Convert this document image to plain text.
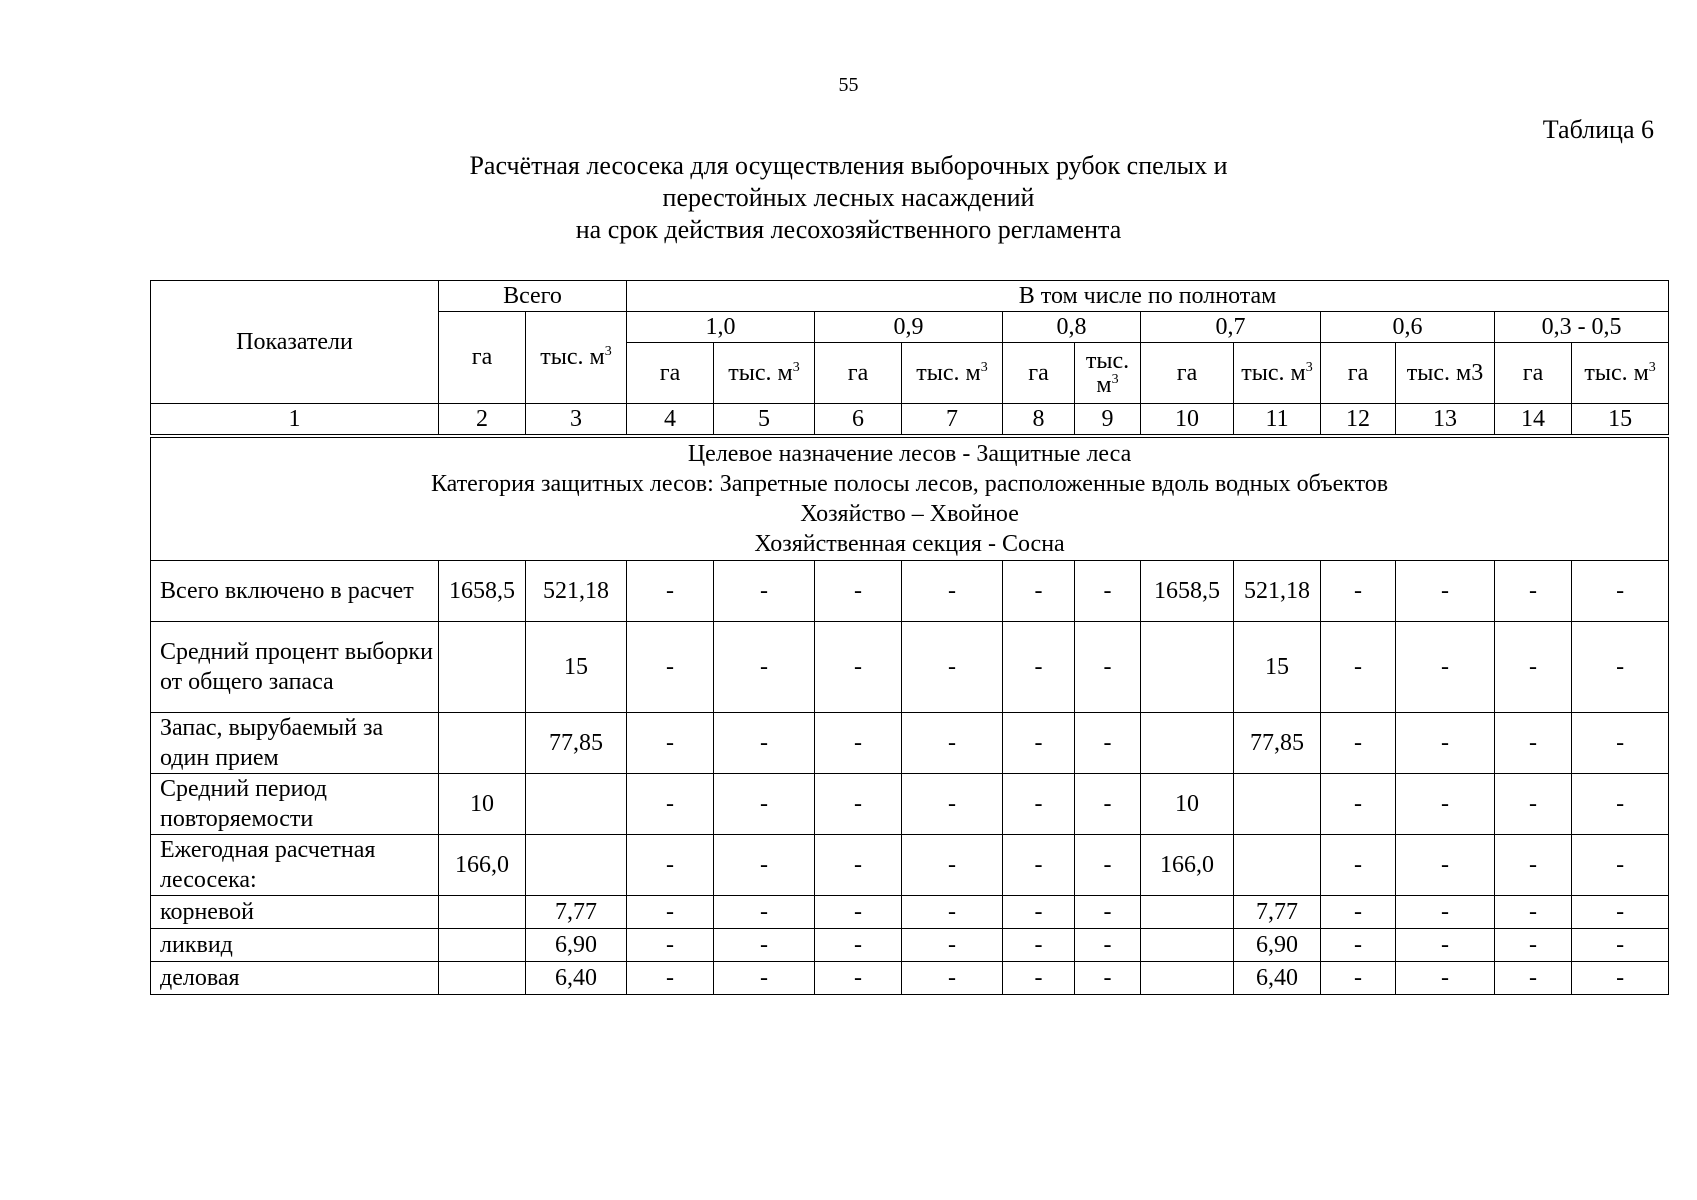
55
Таблица 6
Расчётная лесосека для осуществления выборочных рубок спелых и
перестойных лесных насаждений
на срок действия лесохозяйственного регламента
Показатели	Всего		В том числе по полнотам											
	га	тыс. $м^3$	1,0		0,9		0,8		0,7		0,6		0,3 - 0,5	
			га	тыс. $м^3$	га	тыс. $м^3$	га	тыс.
$м^3$	га	тыс. $м^3$	га	тыс. м3	га	тыс. $м^3$
1	2	3	4	5	6	7	8	9	10	11	12	13	14	15

Целевое назначение лесов - Защитные леса
Категория защитных лесов: Запретные полосы лесов, расположенные вдоль водных объектов
Хозяйство – Хвойное
Хозяйственная секция - Сосна														

Всего включено в расчет	1658,5	521,18	-	-	-	-	-	-	1658,5	521,18	-	-	-	-
Средний процент выборки от общего запаса		15	-	-	-	-	-	-		15	-	-	-	-
Запас, вырубаемый за один прием		77,85	-	-	-	-	-	-		77,85	-	-	-	-
Средний период повторяемости	10		-	-	-	-	-	-	10		-	-	-	-
Ежегодная расчетная лесосека:	166,0		-	-	-	-	-	-	166,0		-	-	-	-
корневой		7,77	-	-	-	-	-	-		7,77	-	-	-	-
ликвид		6,90	-	-	-	-	-	-		6,90	-	-	-	-
деловая		6,40	-	-	-	-	-	-		6,40	-	-	-	-
